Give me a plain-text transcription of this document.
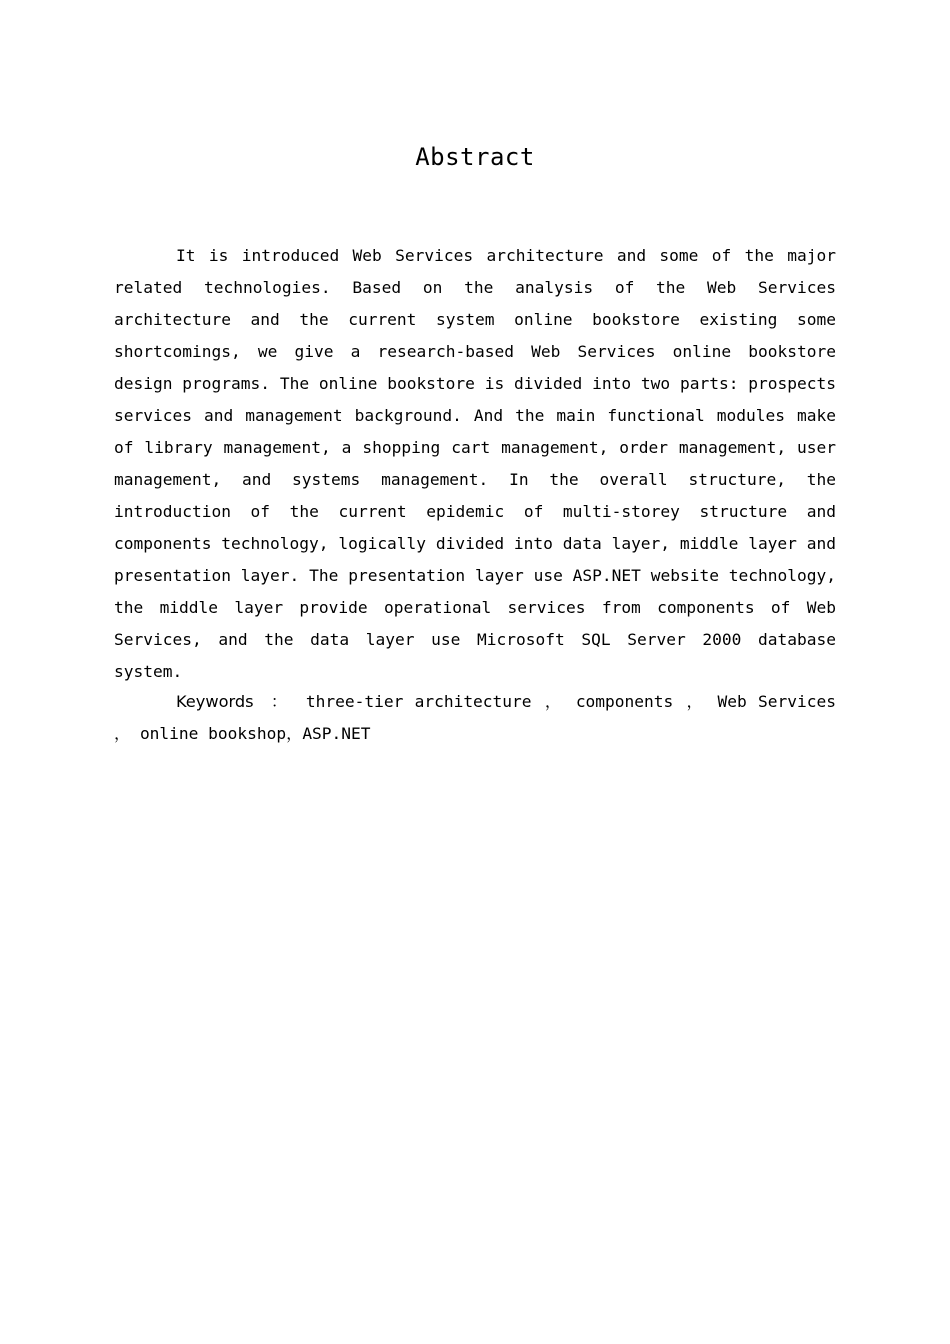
Abstract

It is introduced Web Services architecture and some of the major related technologies. Based on the analysis of the Web Services architecture and the current system online bookstore existing some shortcomings, we give a research-based Web Services online bookstore design programs. The online bookstore is divided into two parts: prospects services and management background. And the main functional modules make of library management, a shopping cart management, order management, user management, and systems management. In the overall structure, the introduction of the current epidemic of multi-storey structure and components technology, logically divided into data layer, middle layer and presentation layer. The presentation layer use ASP.NET website technology, the middle layer provide operational services from components of Web Services, and the data layer use Microsoft SQL Server 2000 database system.

Keywords ： three-tier architecture ， components ， Web Services ， online bookshop，ASP.NET
